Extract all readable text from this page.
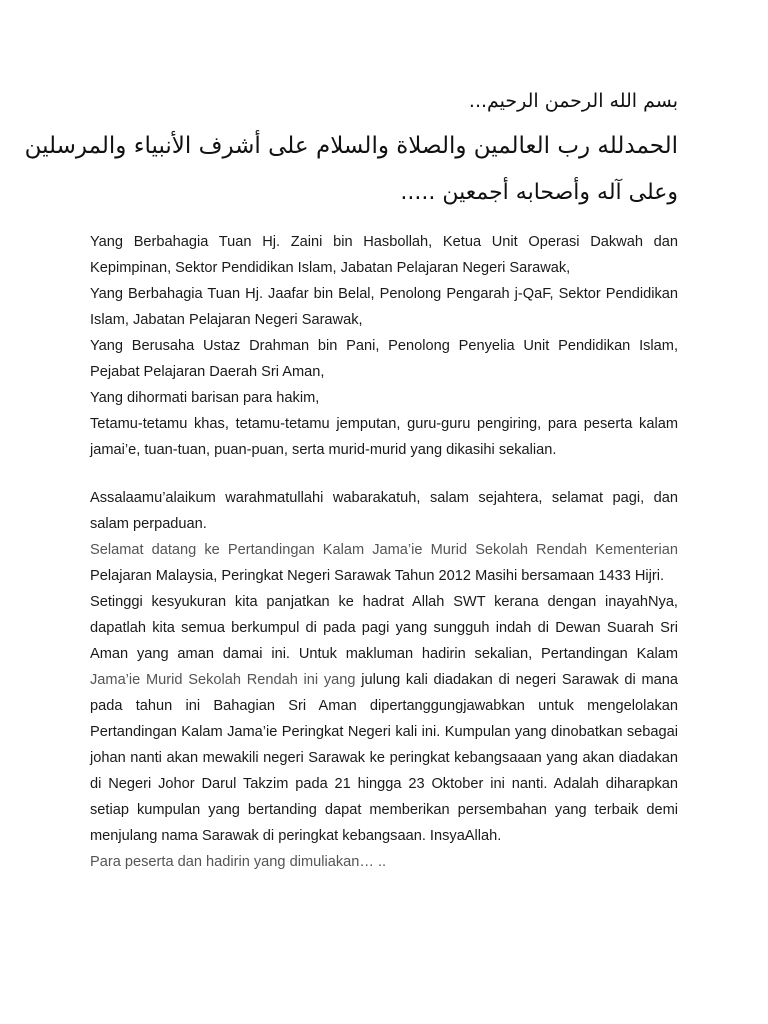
بسم الله الرحمن الرحيم...
الحمدلله رب العالمين والصلاة والسلام على أشرف الأنبياء والمرسلين
وعلى آله وأصحابه أجمعين .....

Yang Berbahagia Tuan Hj. Zaini bin Hasbollah, Ketua Unit Operasi Dakwah dan Kepimpinan, Sektor Pendidikan Islam, Jabatan Pelajaran Negeri Sarawak,

Yang Berbahagia Tuan Hj. Jaafar bin Belal, Penolong Pengarah j-QaF, Sektor Pendidikan Islam, Jabatan Pelajaran Negeri Sarawak,

Yang Berusaha Ustaz Drahman bin Pani, Penolong Penyelia Unit Pendidikan Islam, Pejabat Pelajaran Daerah Sri Aman,

Yang dihormati barisan para hakim,

Tetamu-tetamu khas, tetamu-tetamu jemputan, guru-guru pengiring, para peserta kalam jamai’e, tuan-tuan, puan-puan, serta murid-murid yang dikasihi sekalian.

Assalaamu’alaikum warahmatullahi wabarakatuh, salam sejahtera, selamat pagi, dan salam perpaduan.

Selamat datang ke Pertandingan Kalam Jama’ie Murid Sekolah Rendah Kementerian Pelajaran Malaysia, Peringkat Negeri Sarawak Tahun 2012 Masihi bersamaan 1433 Hijri.

Setinggi kesyukuran kita panjatkan ke hadrat Allah SWT kerana dengan inayahNya, dapatlah kita semua berkumpul di pada pagi yang sungguh indah di Dewan Suarah Sri Aman yang aman damai ini. Untuk makluman hadirin sekalian, Pertandingan Kalam Jama’ie Murid Sekolah Rendah ini yang julung kali diadakan di negeri Sarawak di mana pada tahun ini Bahagian Sri Aman dipertanggungjawabkan untuk mengelolakan Pertandingan Kalam Jama’ie Peringkat Negeri kali ini. Kumpulan yang dinobatkan sebagai johan nanti akan mewakili negeri Sarawak ke peringkat kebangsaaan yang akan diadakan di Negeri Johor Darul Takzim pada 21 hingga 23 Oktober ini nanti. Adalah diharapkan setiap kumpulan yang bertanding dapat memberikan persembahan yang terbaik demi menjulang nama Sarawak di peringkat kebangsaan. InsyaAllah.

Para peserta dan hadirin yang dimuliakan… ..
